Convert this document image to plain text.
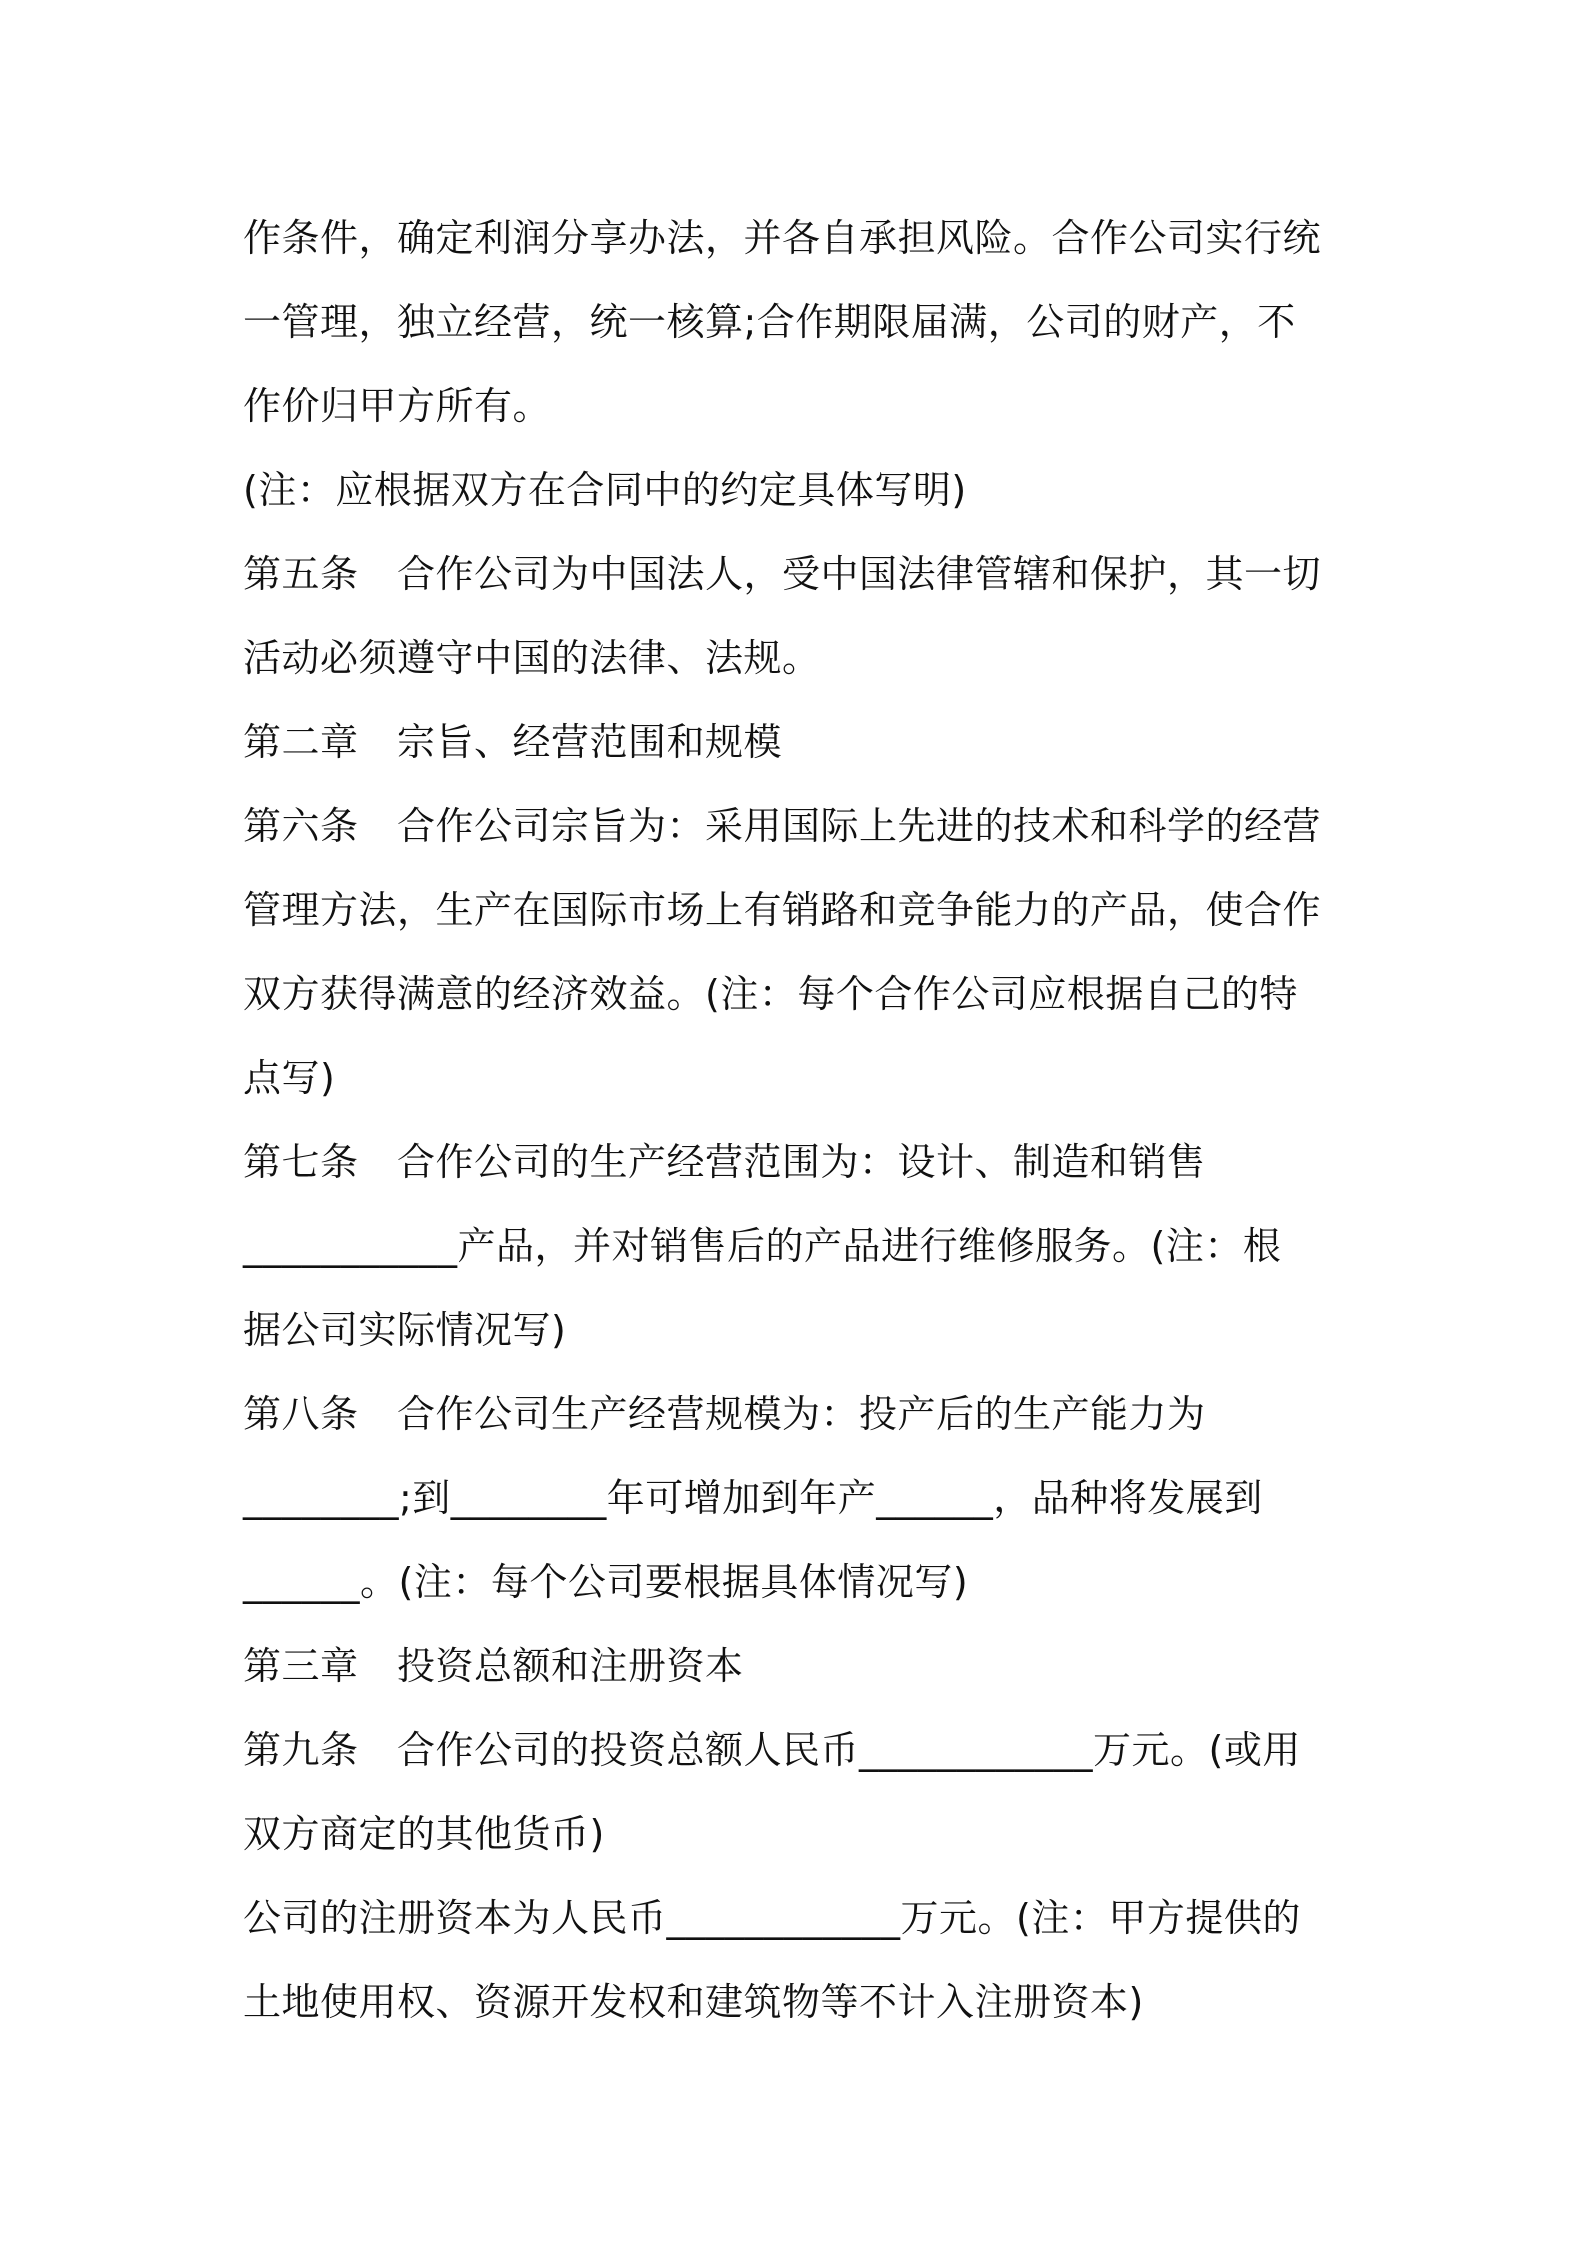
作条件，确定利润分享办法，并各自承担风险。合作公司实行统
一管理，独立经营，统一核算;合作期限届满，公司的财产，不
作价归甲方所有。
(注：应根据双方在合同中的约定具体写明)
第五条　合作公司为中国法人，受中国法律管辖和保护，其一切
活动必须遵守中国的法律、法规。
第二章　宗旨、经营范围和规模
第六条　合作公司宗旨为：采用国际上先进的技术和科学的经营
管理方法，生产在国际市场上有销路和竞争能力的产品，使合作
双方获得满意的经济效益。(注：每个合作公司应根据自己的特
点写)
第七条　合作公司的生产经营范围为：设计、制造和销售
___________产品，并对销售后的产品进行维修服务。(注：根
据公司实际情况写)
第八条　合作公司生产经营规模为：投产后的生产能力为
________;到________年可增加到年产______，品种将发展到
______。(注：每个公司要根据具体情况写)
第三章　投资总额和注册资本
第九条　合作公司的投资总额人民币____________万元。(或用
双方商定的其他货币)
公司的注册资本为人民币____________万元。(注：甲方提供的
土地使用权、资源开发权和建筑物等不计入注册资本)
